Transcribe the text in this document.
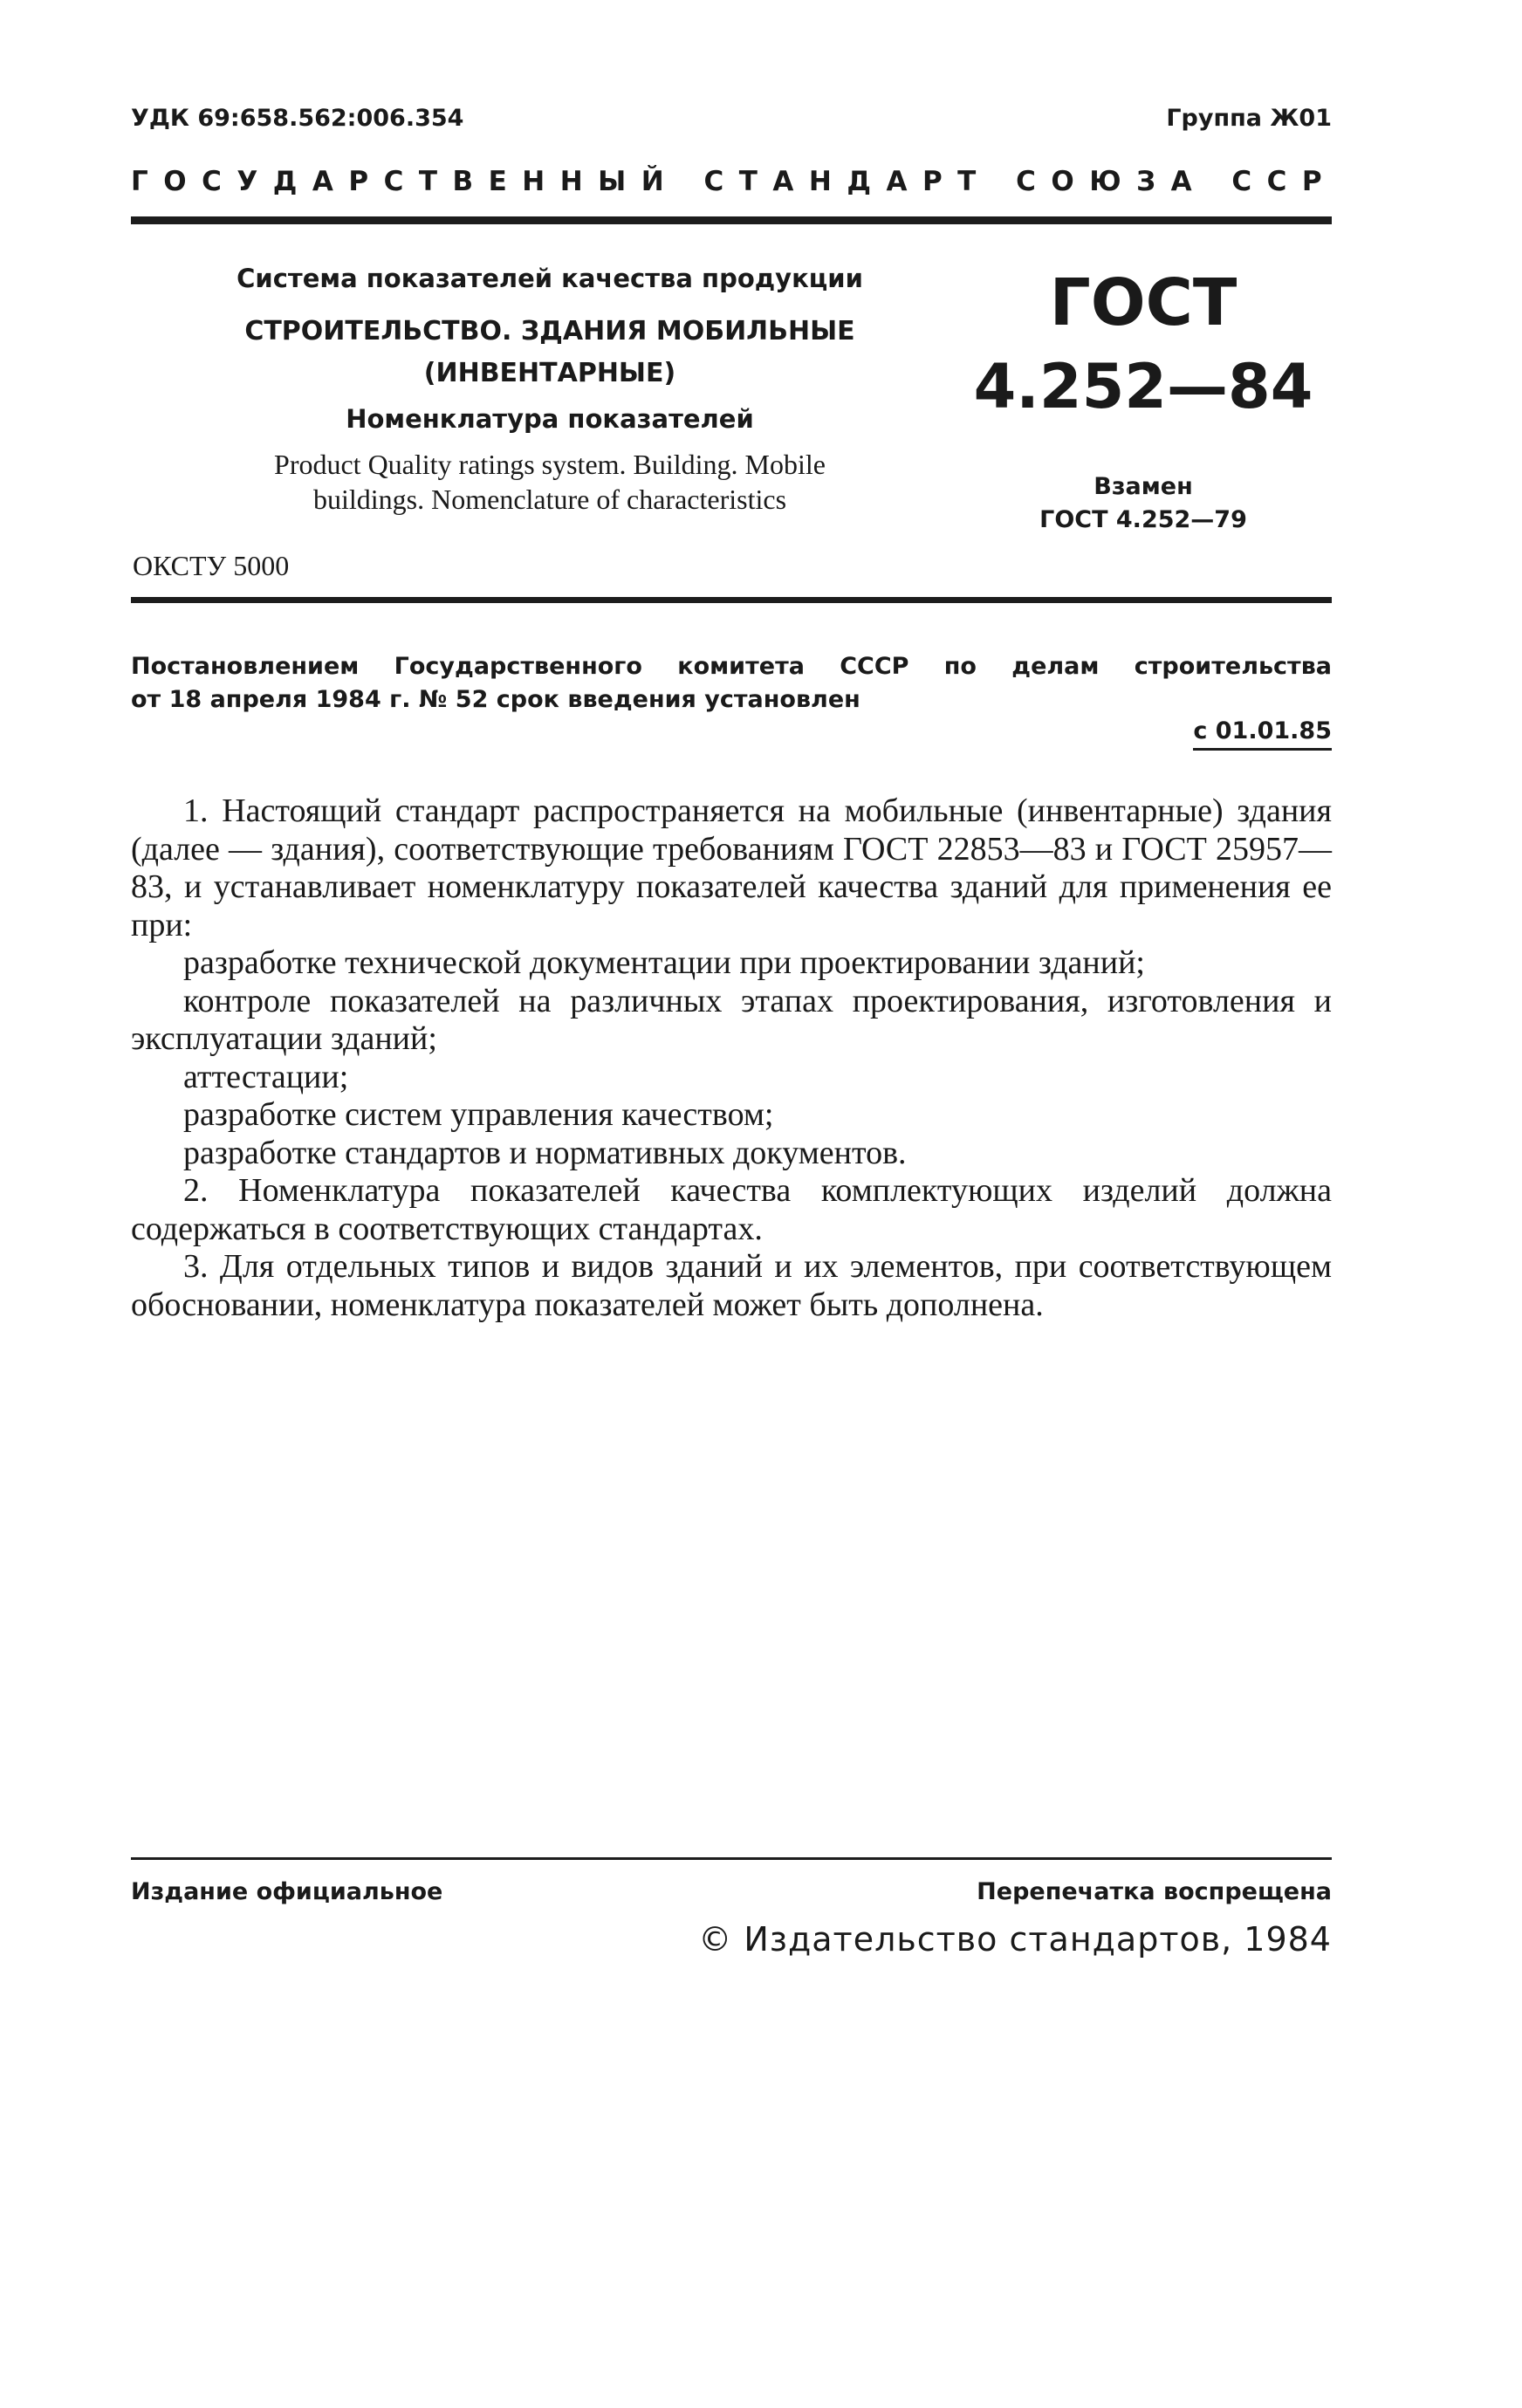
УДК 69:658.562:006.354	Группа Ж01
ГОСУДАРСТВЕННЫЙ СТАНДАРТ СОЮЗА ССР
Система показателей качества продукции
СТРОИТЕЛЬСТВО. ЗДАНИЯ МОБИЛЬНЫЕ
(ИНВЕНТАРНЫЕ)
Номенклатура показателей
Product Quality ratings system. Building. Mobile
buildings. Nomenclature of characteristics
ГОСТ
4.252—84
Взамен
ГОСТ 4.252—79
ОКСТУ 5000
Постановлением Государственного комитета СССР по делам строительства
от 18 апреля 1984 г. № 52 срок введения установлен
с 01.01.85

1. Настоящий стандарт распространяется на мобильные (инвентарные) здания (далее — здания), соответствующие требованиям ГОСТ 22853—83 и ГОСТ 25957—83, и устанавливает номенклатуру показателей качества зданий для применения ее при:

разработке технической документации при проектировании зданий;

контроле показателей на различных этапах проектирования, изготовления и эксплуатации зданий;

аттестации;

разработке систем управления качеством;

разработке стандартов и нормативных документов.

2. Номенклатура показателей качества комплектующих изделий должна содержаться в соответствующих стандартах.

3. Для отдельных типов и видов зданий и их элементов, при соответствующем обосновании, номенклатура показателей может быть дополнена.

Издание официальное	Перепечатка воспрещена
© Издательство стандартов, 1984
